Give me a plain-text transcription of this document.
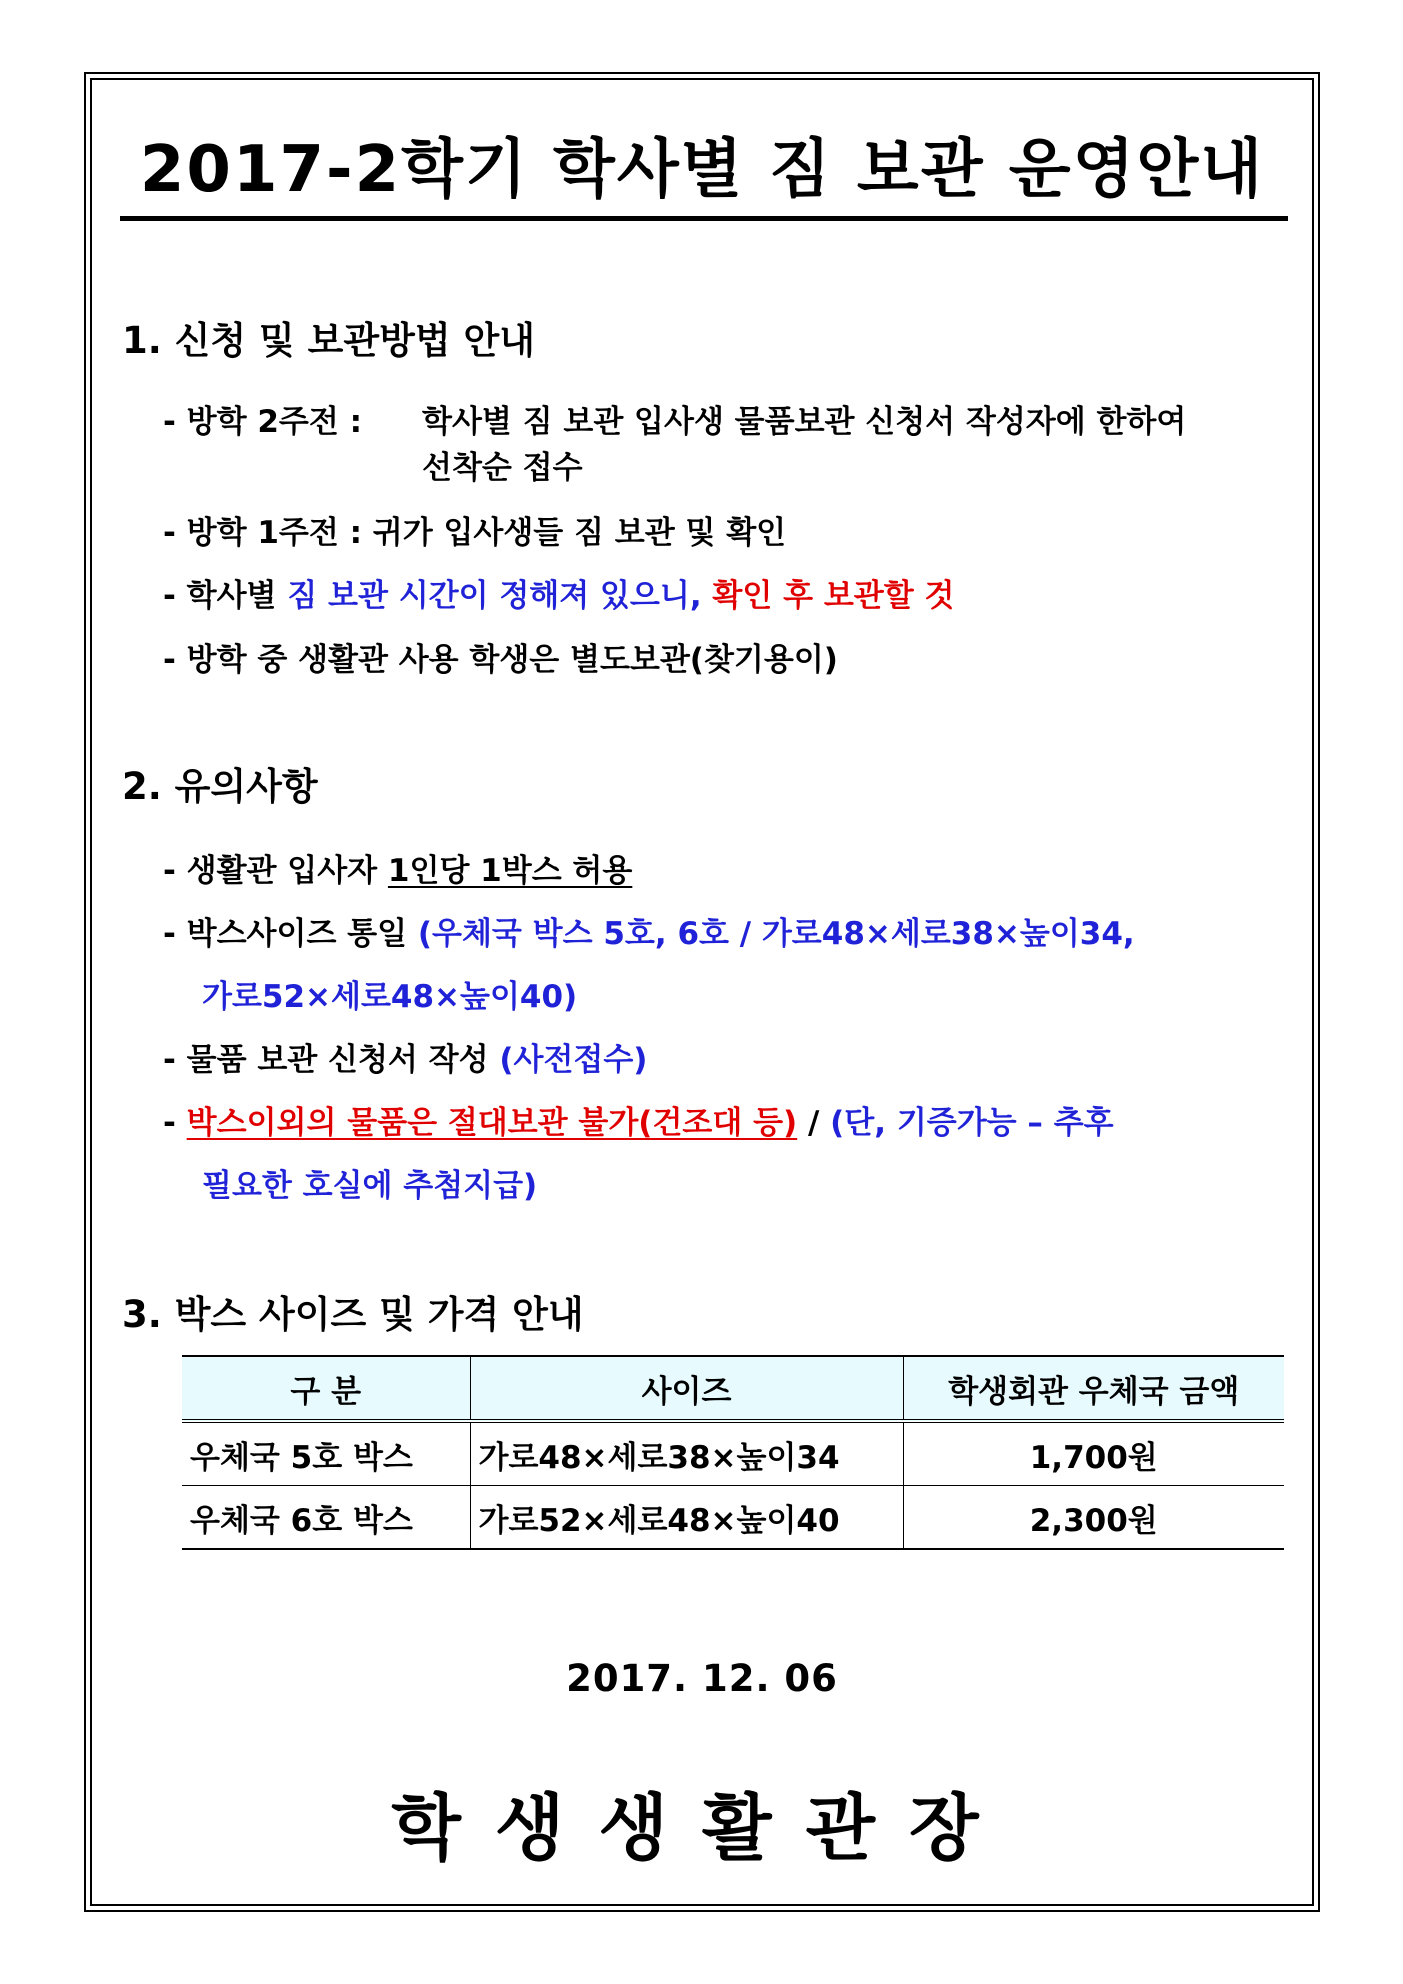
2017-2학기 학사별 짐 보관 운영안내
1. 신청 및 보관방법 안내
- 방학 2주전 : 학사별 짐 보관 입사생 물품보관 신청서 작성자에 한하여
선착순 접수
- 방학 1주전 : 귀가 입사생들 짐 보관 및 확인
- 학사별 짐 보관 시간이 정해져 있으니, 확인 후 보관할 것
- 방학 중 생활관 사용 학생은 별도보관(찾기용이)
2. 유의사항
- 생활관 입사자 1인당 1박스 허용
- 박스사이즈 통일 (우체국 박스 5호, 6호 / 가로48×세로38×높이34,
가로52×세로48×높이40)
- 물품 보관 신청서 작성 (사전접수)
- 박스이외의 물품은 절대보관 불가(건조대 등) / (단, 기증가능 – 추후
필요한 호실에 추첨지급)
3. 박스 사이즈 및 가격 안내
구 분	사이즈	학생회관 우체국 금액
우체국 5호 박스	가로48×세로38×높이34	1,700원
우체국 6호 박스	가로52×세로48×높이40	2,300원
2017. 12. 06
학생생활관장
